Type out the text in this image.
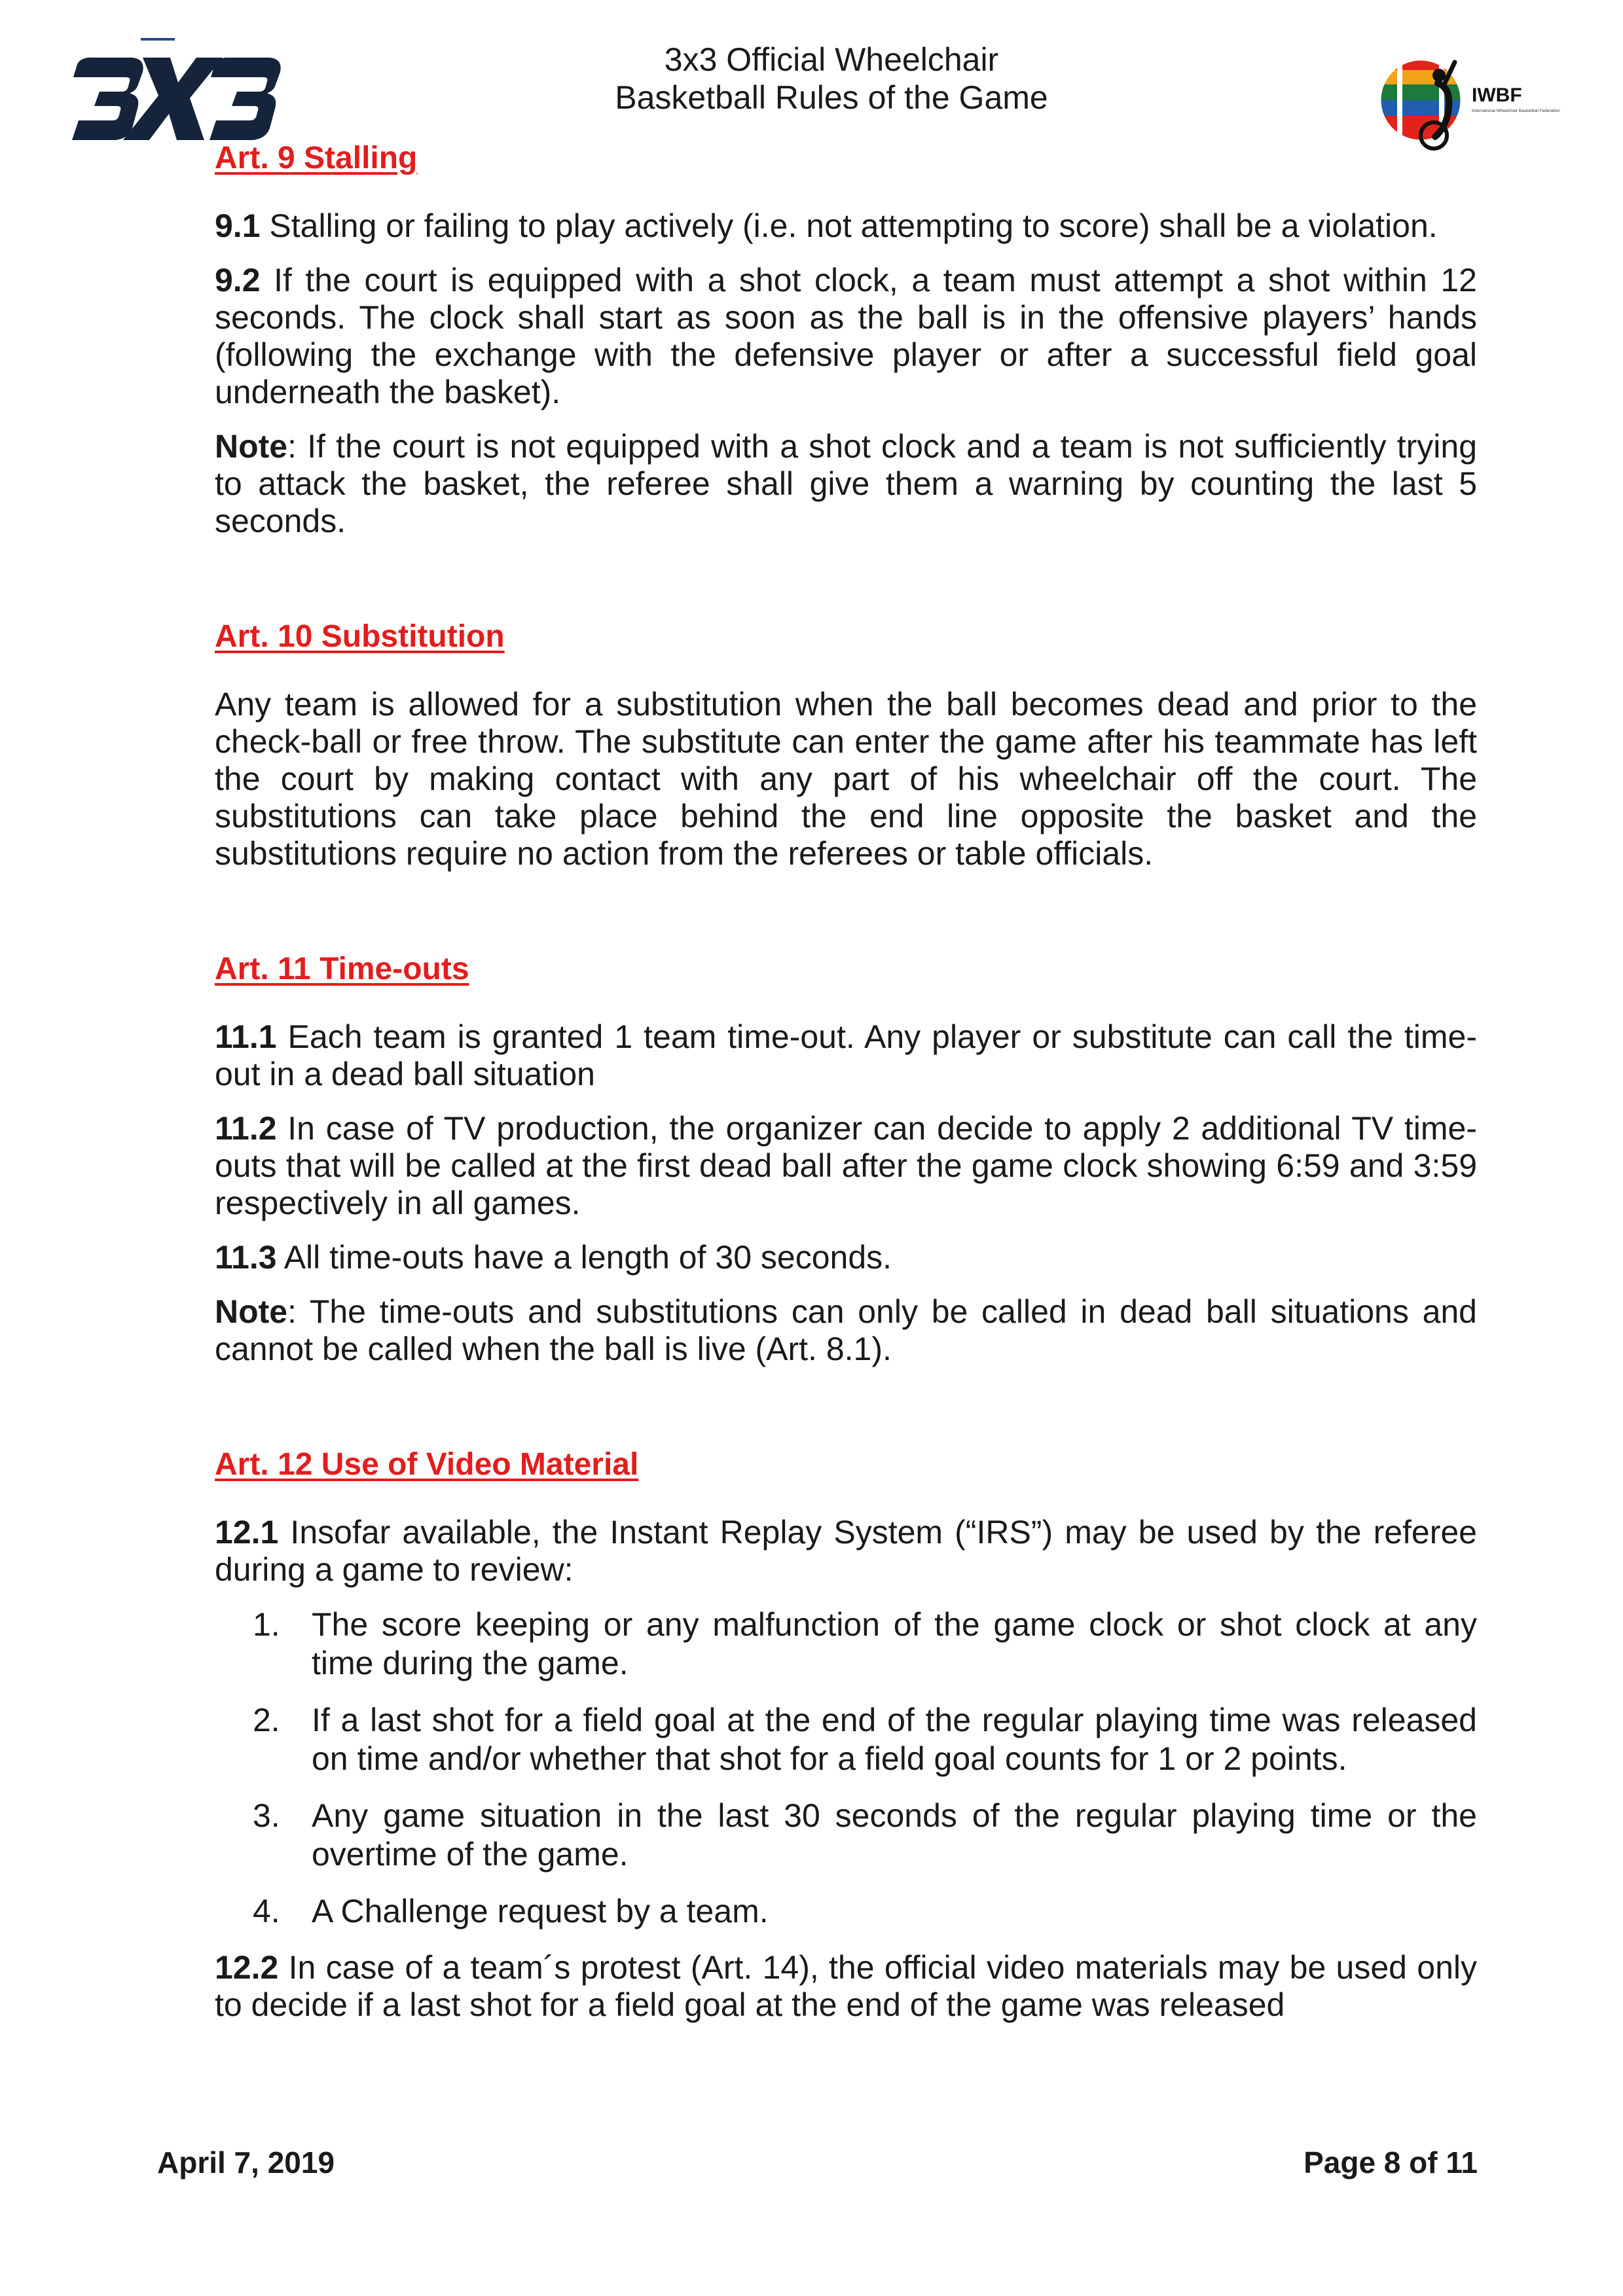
3x3 Official Wheelchair
Basketball Rules of the Game	IWBF
International Wheelchair Basketball Federation
Art. 9 Stalling

9.1 Stalling or failing to play actively (i.e. not attempting to score) shall be a violation.

9.2 If the court is equipped with a shot clock, a team must attempt a shot within 12 seconds. The clock shall start as soon as the ball is in the offensive players’ hands (following the exchange with the defensive player or after a successful field goal underneath the basket).

Note: If the court is not equipped with a shot clock and a team is not sufficiently trying to attack the basket, the referee shall give them a warning by counting the last 5 seconds.

Art. 10 Substitution

Any team is allowed for a substitution when the ball becomes dead and prior to the check-ball or free throw. The substitute can enter the game after his teammate has left the court by making contact with any part of his wheelchair off the court. The substitutions can take place behind the end line opposite the basket and the substitutions require no action from the referees or table officials.

Art. 11 Time-outs

11.1 Each team is granted 1 team time-out. Any player or substitute can call the time-out in a dead ball situation

11.2 In case of TV production, the organizer can decide to apply 2 additional TV time-outs that will be called at the first dead ball after the game clock showing 6:59 and 3:59 respectively in all games.

11.3 All time-outs have a length of 30 seconds.

Note: The time-outs and substitutions can only be called in dead ball situations and cannot be called when the ball is live (Art. 8.1).

Art. 12 Use of Video Material

12.1 Insofar available, the Instant Replay System (“IRS”) may be used by the referee during a game to review:

1. The score keeping or any malfunction of the game clock or shot clock at any time during the game.
2. If a last shot for a field goal at the end of the regular playing time was released on time and/or whether that shot for a field goal counts for 1 or 2 points.
3. Any game situation in the last 30 seconds of the regular playing time or the overtime of the game.
4. A Challenge request by a team.

12.2 In case of a team´s protest (Art. 14), the official video materials may be used only to decide if a last shot for a field goal at the end of the game was released

April 7, 2019	Page 8 of 11
